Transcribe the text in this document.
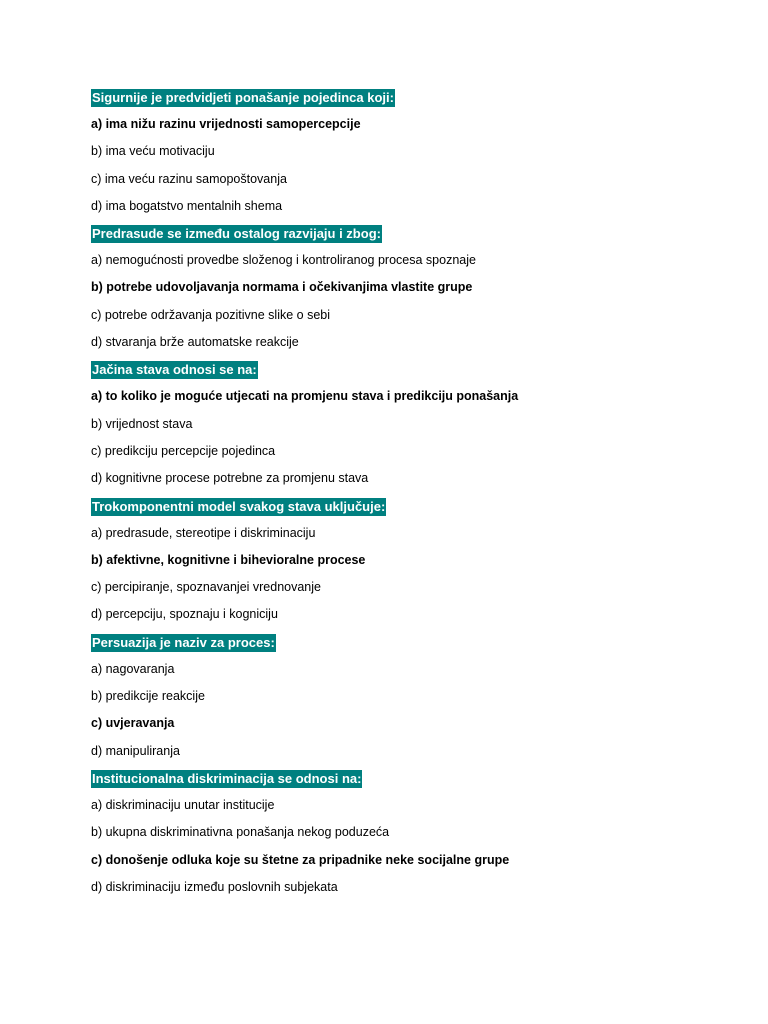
Sigurnije je predvidjeti ponašanje pojedinca koji:
a) ima nižu razinu vrijednosti samopercepcije
b) ima veću motivaciju
c) ima veću razinu samopoštovanja
d) ima bogatstvo mentalnih shema
Predrasude se između ostalog razvijaju i zbog:
a) nemogućnosti provedbe složenog i kontroliranog procesa spoznaje
b) potrebe udovoljavanja normama i očekivanjima vlastite grupe
c) potrebe održavanja pozitivne slike o sebi
d) stvaranja brže automatske reakcije
Jačina stava odnosi se na:
a) to koliko je moguće utjecati na promjenu stava i predikciju ponašanja
b) vrijednost stava
c) predikciju percepcije pojedinca
d) kognitivne procese potrebne za promjenu stava
Trokomponentni model svakog stava uključuje:
a) predrasude, stereotipe i diskriminaciju
b) afektivne, kognitivne i bihevioralne procese
c) percipiranje, spoznavanjei vrednovanje
d) percepciju, spoznaju i kogniciju
Persuazija je naziv za proces:
a) nagovaranja
b) predikcije reakcije
c) uvjeravanja
d) manipuliranja
Institucionalna diskriminacija se odnosi na:
a) diskriminaciju unutar institucije
b) ukupna diskriminativna ponašanja nekog poduzeća
c) donošenje odluka koje su štetne za pripadnike neke socijalne grupe
d) diskriminaciju između poslovnih subjekata
